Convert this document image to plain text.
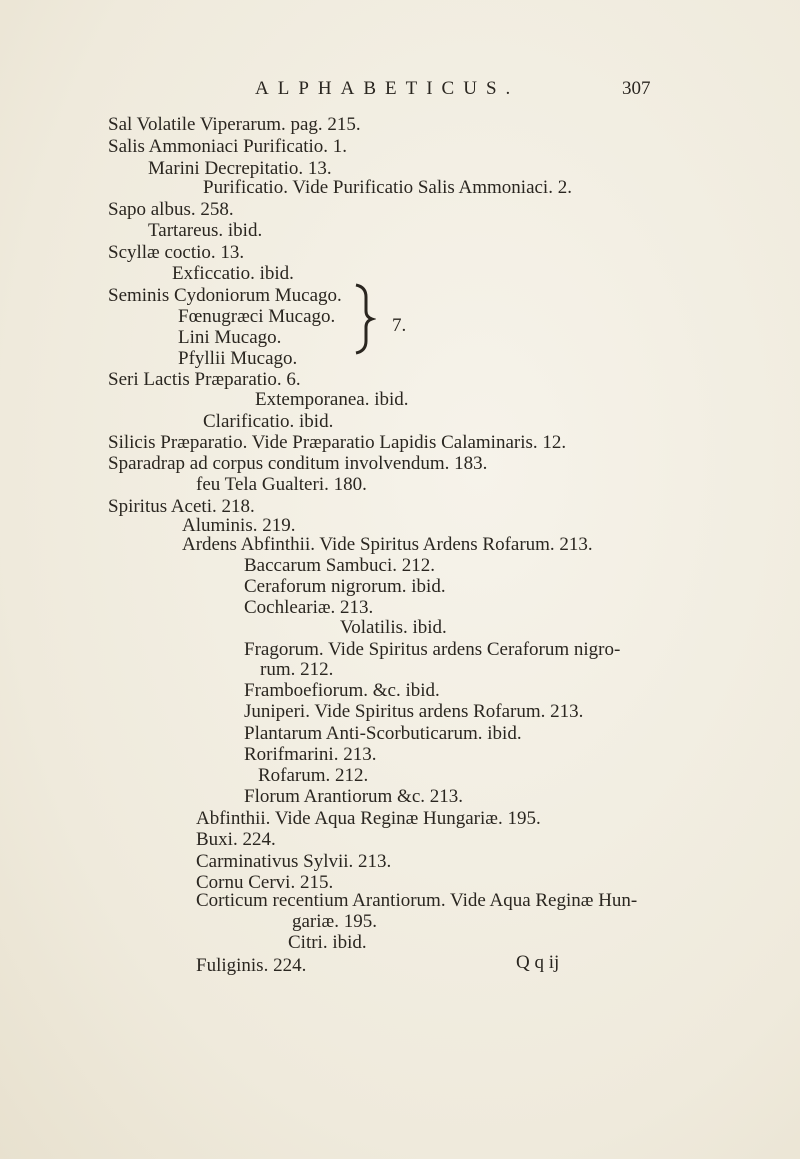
ALPHABETICUS.	307
Sal Volatile Viperarum. pag. 215.
Salis Ammoniaci Purificatio. 1.
Marini Decrepitatio. 13.
Purificatio. Vide Purificatio Salis Ammoniaci. 2.
Sapo albus. 258.
Tartareus. ibid.
Scyllæ coctio. 13.
Exficcatio. ibid.
Seminis Cydoniorum Mucago.
Fœnugræci Mucago.
Lini Mucago.
Pfyllii Mucago.
7.
Seri Lactis Præparatio. 6.
Extemporanea. ibid.
Clarificatio. ibid.
Silicis Præparatio. Vide Præparatio Lapidis Calaminaris. 12.
Sparadrap ad corpus conditum involvendum. 183.
feu Tela Gualteri. 180.
Spiritus Aceti. 218.
Aluminis. 219.
Ardens Abfinthii. Vide Spiritus Ardens Rofarum. 213.
Baccarum Sambuci. 212.
Ceraforum nigrorum. ibid.
Cochleariæ. 213.
Volatilis. ibid.
Fragorum. Vide Spiritus ardens Ceraforum nigro-
rum. 212.
Framboefiorum. &c. ibid.
Juniperi. Vide Spiritus ardens Rofarum. 213.
Plantarum Anti-Scorbuticarum. ibid.
Rorifmarini. 213.
Rofarum. 212.
Florum Arantiorum &c. 213.
Abfinthii. Vide Aqua Reginæ Hungariæ. 195.
Buxi. 224.
Carminativus Sylvii. 213.
Cornu Cervi. 215.
Corticum recentium Arantiorum. Vide Aqua Reginæ Hun-
gariæ. 195.
Citri. ibid.
Fuliginis. 224.	Q q ij
